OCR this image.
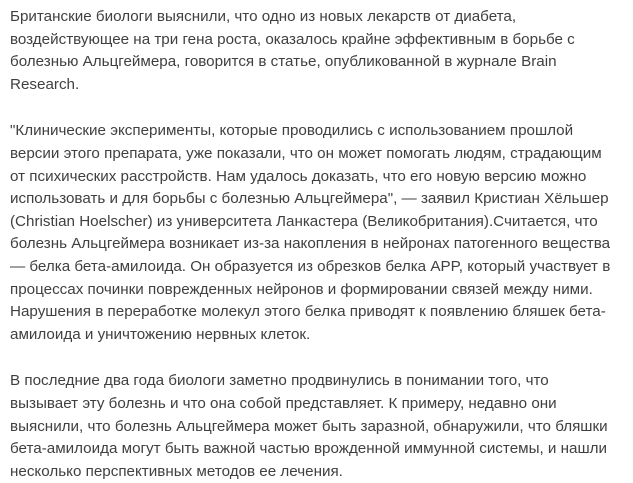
Британские биологи выяснили, что одно из новых лекарств от диабета,
воздействующее на три гена роста, оказалось крайне эффективным в борьбе с
болезнью Альцгеймера, говорится в статье, опубликованной в журнале Brain
Research.

"Клинические эксперименты, которые проводились с использованием прошлой
версии этого препарата, уже показали, что он может помогать людям, страдающим
от психических расстройств. Нам удалось доказать, что его новую версию можно
использовать и для борьбы с болезнью Альцгеймера", — заявил Кристиан Хёльшер
(Christian Hoelscher) из университета Ланкастера (Великобритания).Считается, что
болезнь Альцгеймера возникает из-за накопления в нейронах патогенного вещества
— белка бета-амилоида. Он образуется из обрезков белка APP, который участвует в
процессах починки поврежденных нейронов и формировании связей между ними.
Нарушения в переработке молекул этого белка приводят к появлению бляшек бета-
амилоида и уничтожению нервных клеток.

В последние два года биологи заметно продвинулись в понимании того, что
вызывает эту болезнь и что она собой представляет. К примеру, недавно они
выяснили, что болезнь Альцгеймера может быть заразной, обнаружили, что бляшки
бета-амилоида могут быть важной частью врожденной иммунной системы, и нашли
несколько перспективных методов ее лечения.
